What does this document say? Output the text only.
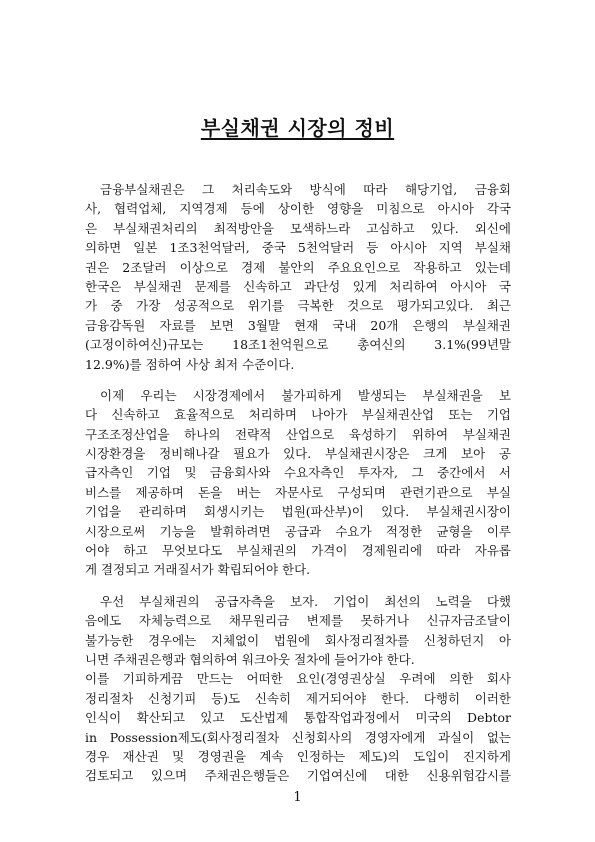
부실채권 시장의 정비
금융부실채권은 그 처리속도와 방식에 따라 해당기업, 금융회
사, 협력업체, 지역경제 등에 상이한 영향을 미침으로 아시아 각국
은 부실채권처리의 최적방안을 모색하느라 고심하고 있다. 외신에
의하면 일본 1조3천억달러, 중국 5천억달러 등 아시아 지역 부실채
권은 2조달러 이상으로 경제 불안의 주요요인으로 작용하고 있는데
한국은 부실채권 문제를 신속하고 과단성 있게 처리하여 아시아 국
가 중 가장 성공적으로 위기를 극복한 것으로 평가되고있다. 최근
금융감독원 자료를 보면 3월말 현재 국내 20개 은행의 부실채권
(고정이하여신)규모는 18조1천억원으로 총여신의 3.1%(99년말
12.9%)를 점하여 사상 최저 수준이다.
이제 우리는 시장경제에서 불가피하게 발생되는 부실채권을 보
다 신속하고 효율적으로 처리하며 나아가 부실채권산업 또는 기업
구조조정산업을 하나의 전략적 산업으로 육성하기 위하여 부실채권
시장환경을 정비해나갈 필요가 있다. 부실채권시장은 크게 보아 공
급자측인 기업 및 금융회사와 수요자측인 투자자, 그 중간에서 서
비스를 제공하며 돈을 버는 자문사로 구성되며 관련기관으로 부실
기업을 관리하며 회생시키는 법원(파산부)이 있다. 부실채권시장이
시장으로써 기능을 발휘하려면 공급과 수요가 적정한 균형을 이루
어야 하고 무엇보다도 부실채권의 가격이 경제원리에 따라 자유롭
게 결정되고 거래질서가 확립되어야 한다.
우선 부실채권의 공급자측을 보자. 기업이 최선의 노력을 다했
음에도 자체능력으로 채무원리금 변제를 못하거나 신규자금조달이
불가능한 경우에는 지체없이 법원에 회사정리절차를 신청하던지 아
니면 주채권은행과 협의하여 워크아웃 절차에 들어가야 한다.
이를 기피하게끔 만드는 어떠한 요인(경영권상실 우려에 의한 회사
정리절차 신청기피 등)도 신속히 제거되어야 한다. 다행히 이러한
인식이 확산되고 있고 도산법제 통합작업과정에서 미국의 Debtor
in Possession제도(회사정리절차 신청회사의 경영자에게 과실이 없는
경우 재산권 및 경영권을 계속 인정하는 제도)의 도입이 진지하게
검토되고 있으며 주채권은행들은 기업여신에 대한 신용위험감시를
1
